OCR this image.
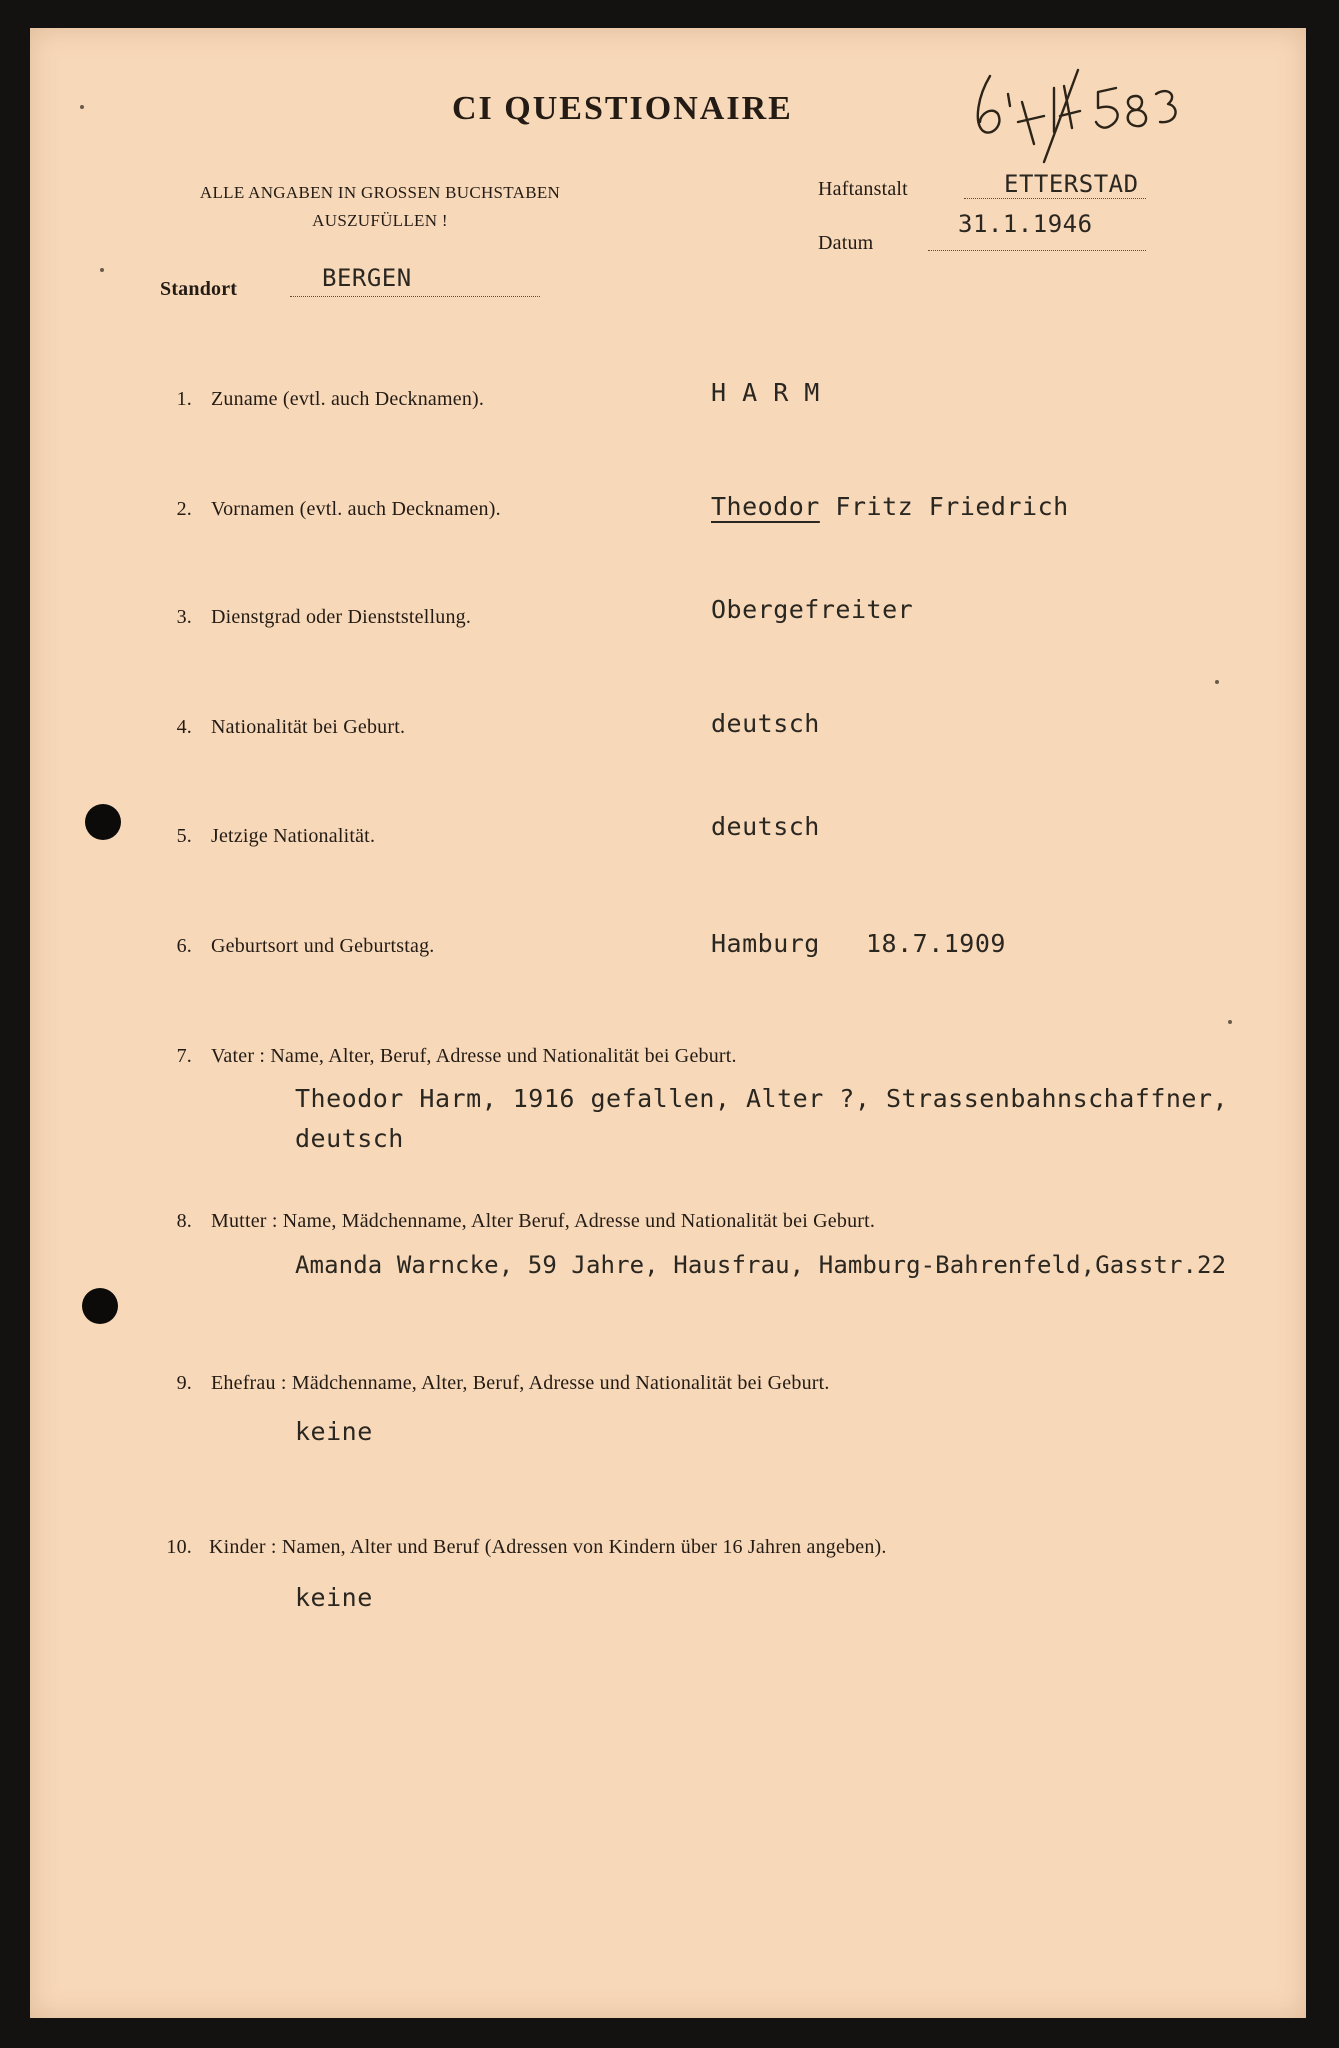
CI QUESTIONAIRE
ALLE ANGABEN IN GROSSEN BUCHSTABEN
AUSZUFÜLLEN !
Haftanstalt	ETTERSTAD
Datum
31.1.1946
Standort	BERGEN
1. Zuname (evtl. auch Decknamen).	H A R M
2. Vornamen (evtl. auch Decknamen).	Theodor Fritz Friedrich
3. Dienstgrad oder Dienststellung.	Obergefreiter
4. Nationalität bei Geburt.	deutsch
5. Jetzige Nationalität.	deutsch
6. Geburtsort und Geburtstag.	Hamburg 18.7.1909
7. Vater : Name, Alter, Beruf, Adresse und Nationalität bei Geburt.
Theodor Harm, 1916 gefallen, Alter ?, Strassenbahnschaffner,
deutsch
8. Mutter : Name, Mädchenname, Alter Beruf, Adresse und Nationalität bei Geburt.
Amanda Warncke, 59 Jahre, Hausfrau, Hamburg-Bahrenfeld,Gasstr.22
9. Ehefrau : Mädchenname, Alter, Beruf, Adresse und Nationalität bei Geburt.
keine
10. Kinder : Namen, Alter und Beruf (Adressen von Kindern über 16 Jahren angeben).
keine
